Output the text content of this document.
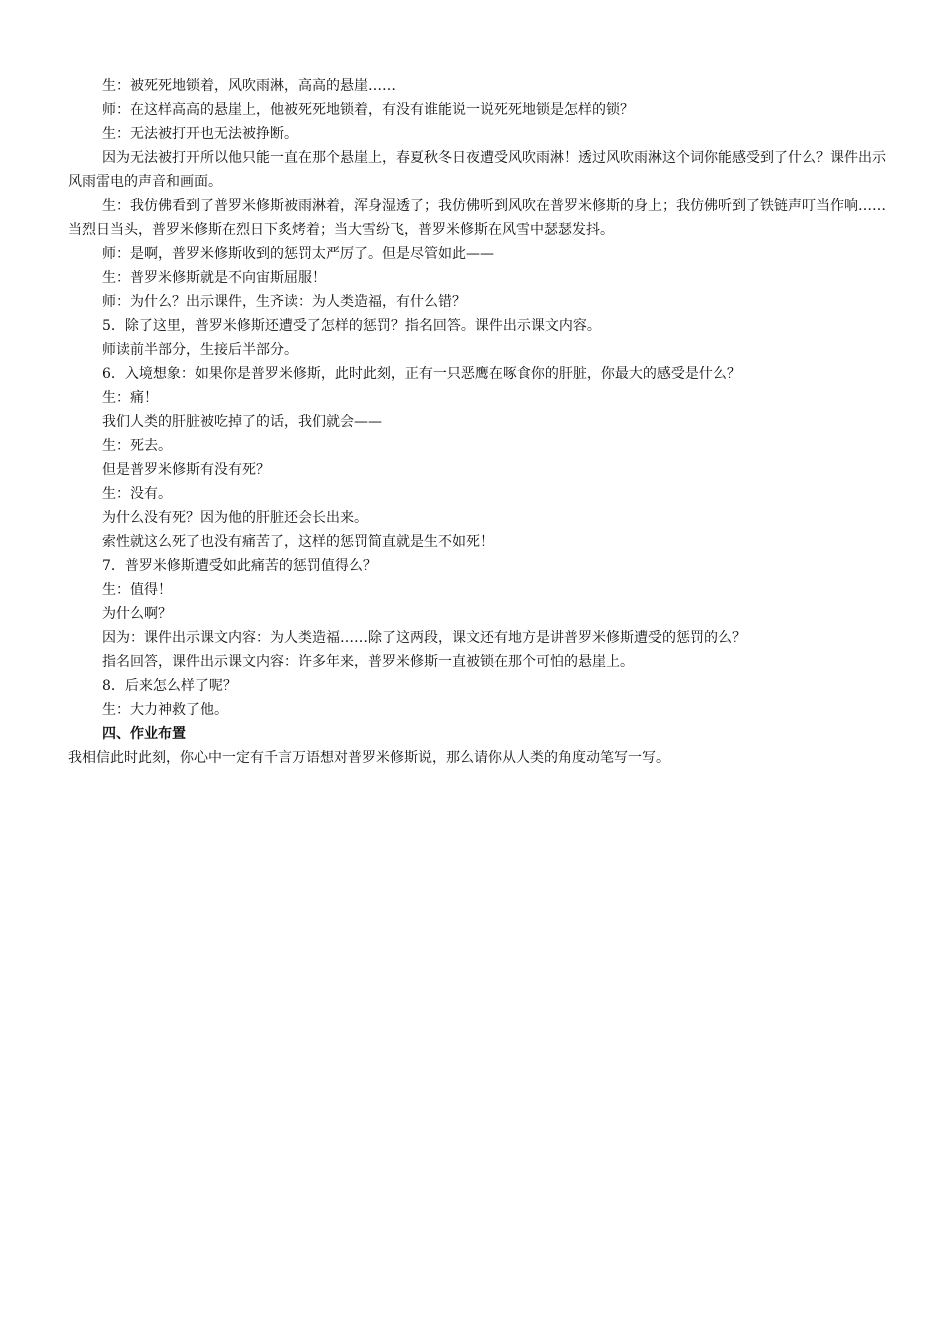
生：被死死地锁着，风吹雨淋，高高的悬崖……

师：在这样高高的悬崖上，他被死死地锁着，有没有谁能说一说死死地锁是怎样的锁？

生：无法被打开也无法被挣断。

因为无法被打开所以他只能一直在那个悬崖上，春夏秋冬日夜遭受风吹雨淋！透过风吹雨淋这个词你能感受到了什么？课件出示风雨雷电的声音和画面。

生：我仿佛看到了普罗米修斯被雨淋着，浑身湿透了；我仿佛听到风吹在普罗米修斯的身上；我仿佛听到了铁链声叮当作响……当烈日当头，普罗米修斯在烈日下炙烤着；当大雪纷飞，普罗米修斯在风雪中瑟瑟发抖。

师：是啊，普罗米修斯收到的惩罚太严厉了。但是尽管如此——

生：普罗米修斯就是不向宙斯屈服！

师：为什么？出示课件，生齐读：为人类造福，有什么错？

5．除了这里，普罗米修斯还遭受了怎样的惩罚？指名回答。课件出示课文内容。

师读前半部分，生接后半部分。

6．入境想象：如果你是普罗米修斯，此时此刻，正有一只恶鹰在啄食你的肝脏，你最大的感受是什么？

生：痛！

我们人类的肝脏被吃掉了的话，我们就会——

生：死去。

但是普罗米修斯有没有死？

生：没有。

为什么没有死？因为他的肝脏还会长出来。

索性就这么死了也没有痛苦了，这样的惩罚简直就是生不如死！

7．普罗米修斯遭受如此痛苦的惩罚值得么？

生：值得！

为什么啊？

因为：课件出示课文内容：为人类造福……除了这两段，课文还有地方是讲普罗米修斯遭受的惩罚的么？

指名回答，课件出示课文内容：许多年来，普罗米修斯一直被锁在那个可怕的悬崖上。

8．后来怎么样了呢？

生：大力神救了他。

四、作业布置

我相信此时此刻，你心中一定有千言万语想对普罗米修斯说，那么请你从人类的角度动笔写一写。
